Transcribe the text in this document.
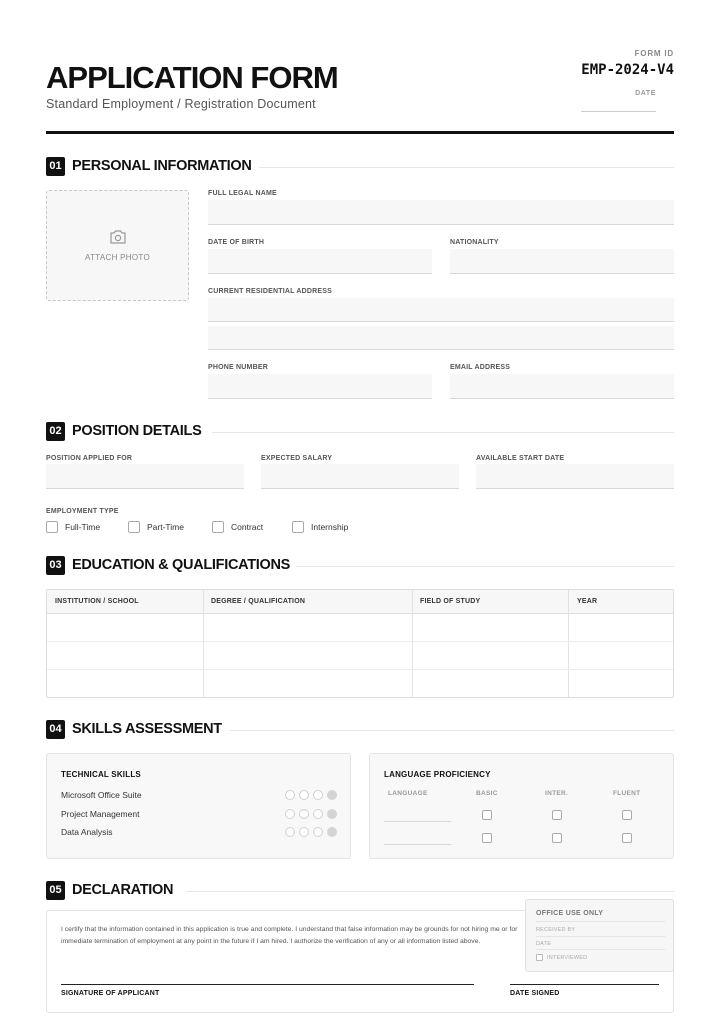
APPLICATION FORM
Standard Employment / Registration Document
FORM ID
EMP-2024-V4
DATE
01 PERSONAL INFORMATION
ATTACH PHOTO
FULL LEGAL NAME
DATE OF BIRTH	NATIONALITY
CURRENT RESIDENTIAL ADDRESS
PHONE NUMBER	EMAIL ADDRESS
02 POSITION DETAILS
POSITION APPLIED FOR	EXPECTED SALARY	AVAILABLE START DATE
EMPLOYMENT TYPE
Full-Time	Part-Time	Contract	Internship
03 EDUCATION & QUALIFICATIONS
INSTITUTION / SCHOOL	DEGREE / QUALIFICATION	FIELD OF STUDY	YEAR
04 SKILLS ASSESSMENT
TECHNICAL SKILLS
Microsoft Office Suite
Project Management
Data Analysis
LANGUAGE PROFICIENCY
LANGUAGE	BASIC	INTER.	FLUENT
05 DECLARATION
I certify that the information contained in this application is true and complete. I understand that false information may be grounds for not hiring me or for immediate termination of employment at any point in the future if I am hired. I authorize the verification of any or all information listed above.
SIGNATURE OF APPLICANT	DATE SIGNED
OFFICE USE ONLY
RECEIVED BY
DATE
INTERVIEWED
